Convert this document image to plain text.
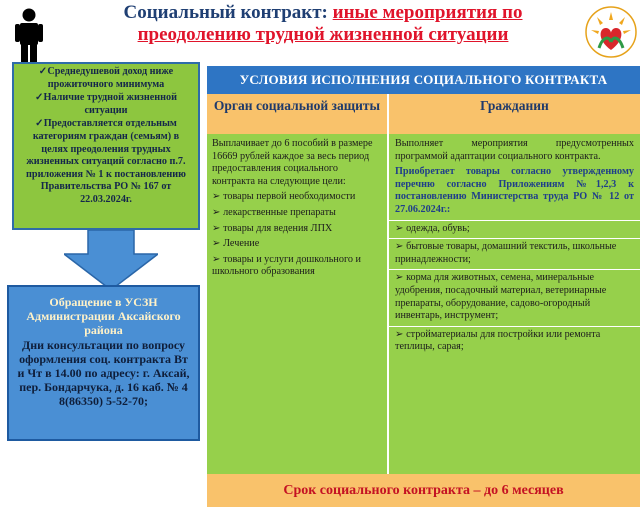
Социальный контракт: иные мероприятия по
преодолению трудной жизненной ситуации

✓ Среднедушевой доход ниже прожиточного минимума

✓ Наличие трудной жизненной ситуации

✓ Предоставляется отдельным категориям граждан (семьям) в целях преодоления трудных жизненных ситуаций согласно п.7. приложения № 1 к постановлению Правительства РО № 167 от 22.03.2024г.

Обращение в УСЗН Администрации Аксайского района
Дни консультации по вопросу оформления соц. контракта Вт и Чт в 14.00 по адресу: г. Аксай, пер. Бондарчука, д. 16 каб. № 4 8(86350) 5-52-70;
УСЛОВИЯ ИСПОЛНЕНИЯ СОЦИАЛЬНОГО КОНТРАКТА
Орган социальной защиты	Гражданин

Выплачивает до 6 пособий в размере 16669 рублей каждое за весь период предоставления социального контракта на следующие цели:

➢ товары первой необходимости

➢ лекарственные препараты

➢ товары для ведения ЛПХ

➢ Лечение

➢ товары и услуги дошкольного и школьного образования

Выполняет мероприятия предусмотренных программой адаптации социального контракта.

Приобретает товары согласно утвержденному перечню согласно Приложениям №1,2,3 к постановлению Министерства труда РО № 12 от 27.06.2024г.:

➢ одежда, обувь;

➢ бытовые товары, домашний текстиль, школьные принадлежности;

➢ корма для животных, семена, минеральные удобрения, посадочный материал, ветеринарные препараты, оборудование, садово-огородный инвентарь, инструмент;

➢ стройматериалы для постройки или ремонта теплицы, сарая;

Срок социального контракта – до 6 месяцев
